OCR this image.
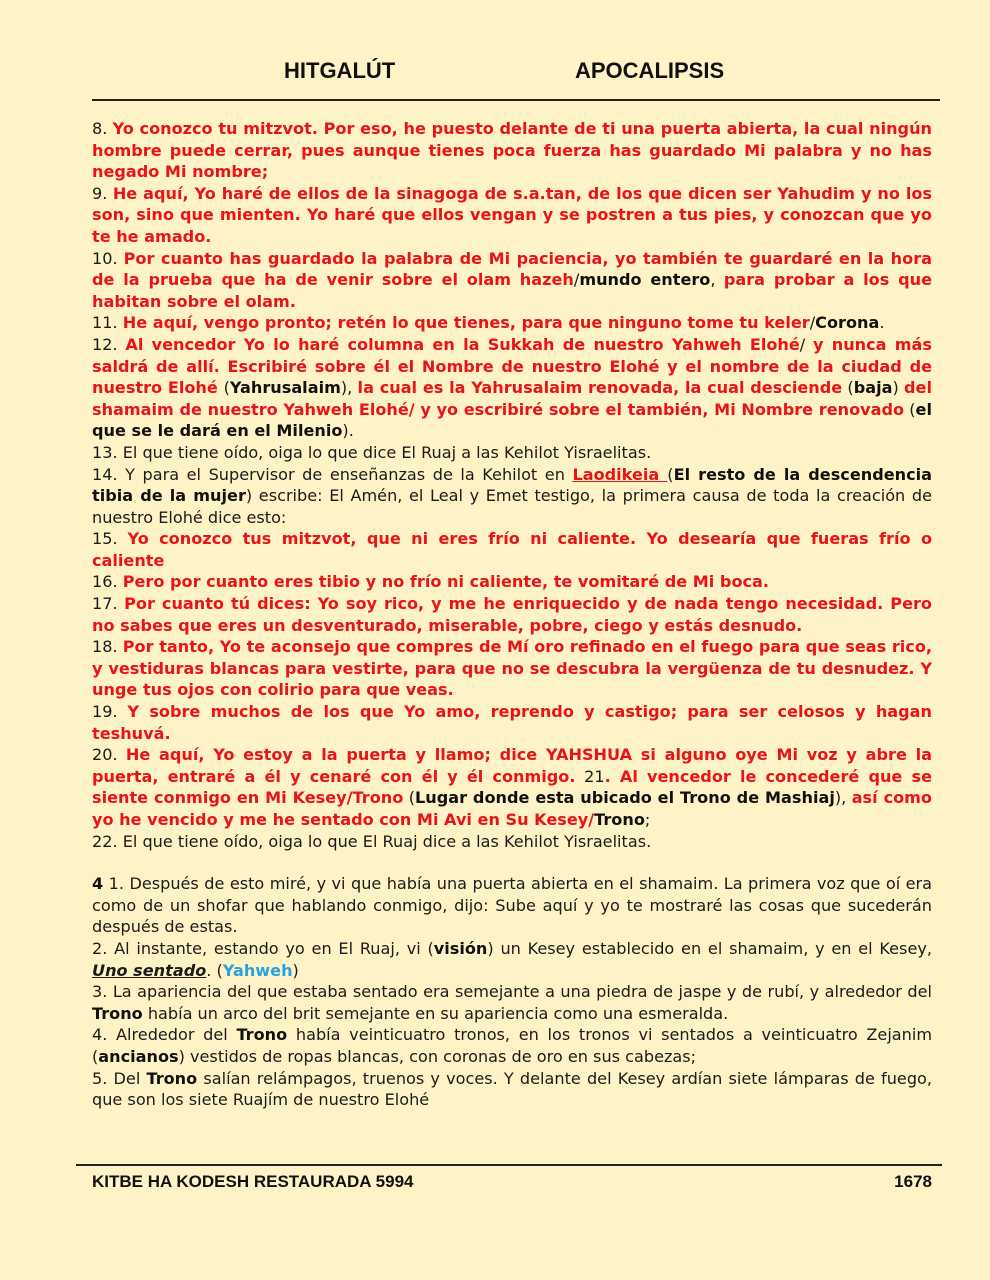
HITGALÚT	APOCALIPSIS

8. Yo conozco tu mitzvot. Por eso, he puesto delante de ti una puerta abierta, la cual ningún hombre puede cerrar, pues aunque tienes poca fuerza has guardado Mi palabra y no has negado Mi nombre;

9. He aquí, Yo haré de ellos de la sinagoga de s.a.tan, de los que dicen ser Yahudim y no los son, sino que mienten. Yo haré que ellos vengan y se postren a tus pies, y conozcan que yo te he amado.

10. Por cuanto has guardado la palabra de Mi paciencia, yo también te guardaré en la hora de la prueba que ha de venir sobre el olam hazeh/mundo entero, para probar a los que habitan sobre el olam.

11. He aquí, vengo pronto; retén lo que tienes, para que ninguno tome tu keler/Corona.

12. Al vencedor Yo lo haré columna en la Sukkah de nuestro Yahweh Elohé/ y nunca más saldrá de allí. Escribiré sobre él el Nombre de nuestro Elohé y el nombre de la ciudad de nuestro Elohé (Yahrusalaim), la cual es la Yahrusalaim renovada, la cual desciende (baja) del shamaim de nuestro Yahweh Elohé/ y yo escribiré sobre el también, Mi Nombre renovado (el que se le dará en el Milenio).

13. El que tiene oído, oiga lo que dice El Ruaj a las Kehilot Yisraelitas.

14. Y para el Supervisor de enseñanzas de la Kehilot en Laodikeia (El resto de la descendencia tibia de la mujer) escribe: El Amén, el Leal y Emet testigo, la primera causa de toda la creación de nuestro Elohé dice esto:

15. Yo conozco tus mitzvot, que ni eres frío ni caliente. Yo desearía que fueras frío o caliente

16. Pero por cuanto eres tibio y no frío ni caliente, te vomitaré de Mi boca.

17. Por cuanto tú dices: Yo soy rico, y me he enriquecido y de nada tengo necesidad. Pero no sabes que eres un desventurado, miserable, pobre, ciego y estás desnudo.

18. Por tanto, Yo te aconsejo que compres de Mí oro refinado en el fuego para que seas rico, y vestiduras blancas para vestirte, para que no se descubra la vergüenza de tu desnudez. Y unge tus ojos con colirio para que veas.

19. Y sobre muchos de los que Yo amo, reprendo y castigo; para ser celosos y hagan teshuvá.

20. He aquí, Yo estoy a la puerta y llamo; dice YAHSHUA si alguno oye Mi voz y abre la puerta, entraré a él y cenaré con él y él conmigo. 21. Al vencedor le concederé que se siente conmigo en Mi Kesey/Trono (Lugar donde esta ubicado el Trono de Mashiaj), así como yo he vencido y me he sentado con Mi Avi en Su Kesey/Trono;

22. El que tiene oído, oiga lo que El Ruaj dice a las Kehilot Yisraelitas.

4 1. Después de esto miré, y vi que había una puerta abierta en el shamaim. La primera voz que oí era como de un shofar que hablando conmigo, dijo: Sube aquí y yo te mostraré las cosas que sucederán después de estas.

2. Al instante, estando yo en El Ruaj, vi (visión) un Kesey establecido en el shamaim, y en el Kesey, Uno sentado. (Yahweh)

3. La apariencia del que estaba sentado era semejante a una piedra de jaspe y de rubí, y alrededor del Trono había un arco del brit semejante en su apariencia como una esmeralda.

4. Alrededor del Trono había veinticuatro tronos, en los tronos vi sentados a veinticuatro Zejanim (ancianos) vestidos de ropas blancas, con coronas de oro en sus cabezas;

5. Del Trono salían relámpagos, truenos y voces. Y delante del Kesey ardían siete lámparas de fuego, que son los siete Ruajím de nuestro Elohé

KITBE HA KODESH RESTAURADA 5994	1678
